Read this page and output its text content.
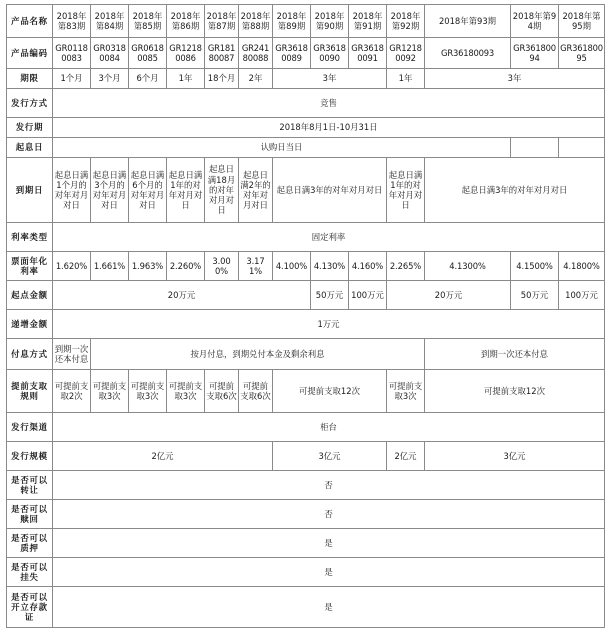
产品名称	2018年第83期	2018年第84期	2018年第85期	2018年第86期	2018年第87期	2018年第88期	2018年第89期	2018年第90期	2018年第91期	2018年第92期	2018年第93期	2018年第94期	2018年第95期
产品编码	GR01180083	GR03180084	GR06180085	GR12180086	GR18180087	GR24180088	GR36180089	GR36180090	GR36180091	GR12180092	GR36180093	GR36180094	GR36180095
期限	1个月	3个月	6个月	1年	18个月	2年	3年			1年	3年		
发行方式	竞售												
发行期	2018年8月1日-10月31日												
起息日	认购日当日												
到期日	起息日满1个月的对年对月对日	起息日满3个月的对年对月对日	起息日满6个月的对年对月对日	起息日满1年的对年对月对日	起息日满18月的对年对月对日	起息日满2年的对年对月对日	起息日满3年的对年对月对日			起息日满1年的对年对月对日	起息日满3年的对年对月对日		
利率类型	固定利率												
票面年化利率	1.620%	1.661%	1.963%	2.260%	3.000%	3.171%	4.100%	4.130%	4.160%	2.265%	4.1300%	4.1500%	4.1800%
起点金额	20万元							50万元	100万元	20万元		50万元	100万元
递增金额	1万元												
付息方式	到期一次还本付息	按月付息，到期兑付本金及剩余利息									到期一次还本付息		
提前支取规则	可提前支取2次	可提前支取3次	可提前支取3次	可提前支取3次	可提前支取6次	可提前支取6次	可提前支取12次			可提前支取3次	可提前支取12次		
发行渠道	柜台												
发行规模	2亿元						3亿元			2亿元	3亿元		
是否可以转让	否												
是否可以赎回	否												
是否可以质押	是												
是否可以挂失	是												
是否可以开立存款证	是												
